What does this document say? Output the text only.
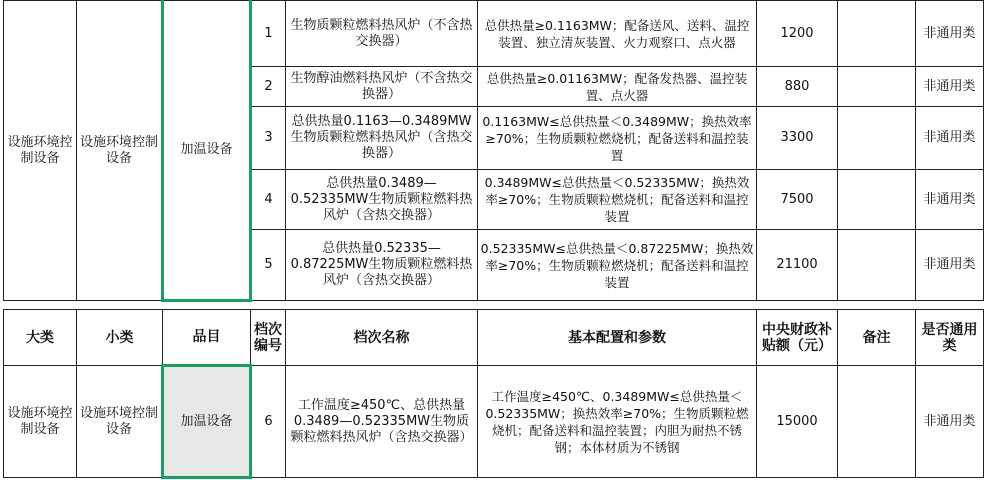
设施环境控制设备	设施环境控制设备	加温设备	1	生物质颗粒燃料热风炉（不含热交换器）	总供热量≥0.1163MW；配备送风、送料、温控装置、独立清灰装置、火力观察口、点火器	1200		非通用类
			2	生物醇油燃料热风炉（不含热交换器）	总供热量≥0.01163MW；配备发热器、温控装置、点火器	880		非通用类
			3	总供热量0.1163—0.3489MW生物质颗粒燃料热风炉（含热交换器）	0.1163MW≤总供热量＜0.3489MW；换热效率≥70%；生物质颗粒燃烧机；配备送料和温控装置	3300		非通用类
			4	总供热量0.3489—0.52335MW生物质颗粒燃料热风炉（含热交换器）	0.3489MW≤总供热量＜0.52335MW；换热效率≥70%；生物质颗粒燃烧机；配备送料和温控装置	7500		非通用类
			5	总供热量0.52335—0.87225MW生物质颗粒燃料热风炉（含热交换器）	0.52335MW≤总供热量＜0.87225MW；换热效率≥70%；生物质颗粒燃烧机；配备送料和温控装置	21100		非通用类
大类	小类	品目	档次编号	档次名称	基本配置和参数	中央财政补贴额（元）	备注	是否通用类
设施环境控制设备	设施环境控制设备	加温设备	6	工作温度≥450℃、总供热量0.3489—0.52335MW生物质颗粒燃料热风炉（含热交换器）	工作温度≥450℃、0.3489MW≤总供热量＜0.52335MW；换热效率≥70%；生物质颗粒燃烧机；配备送料和温控装置；内胆为耐热不锈钢；本体材质为不锈钢	15000		非通用类
